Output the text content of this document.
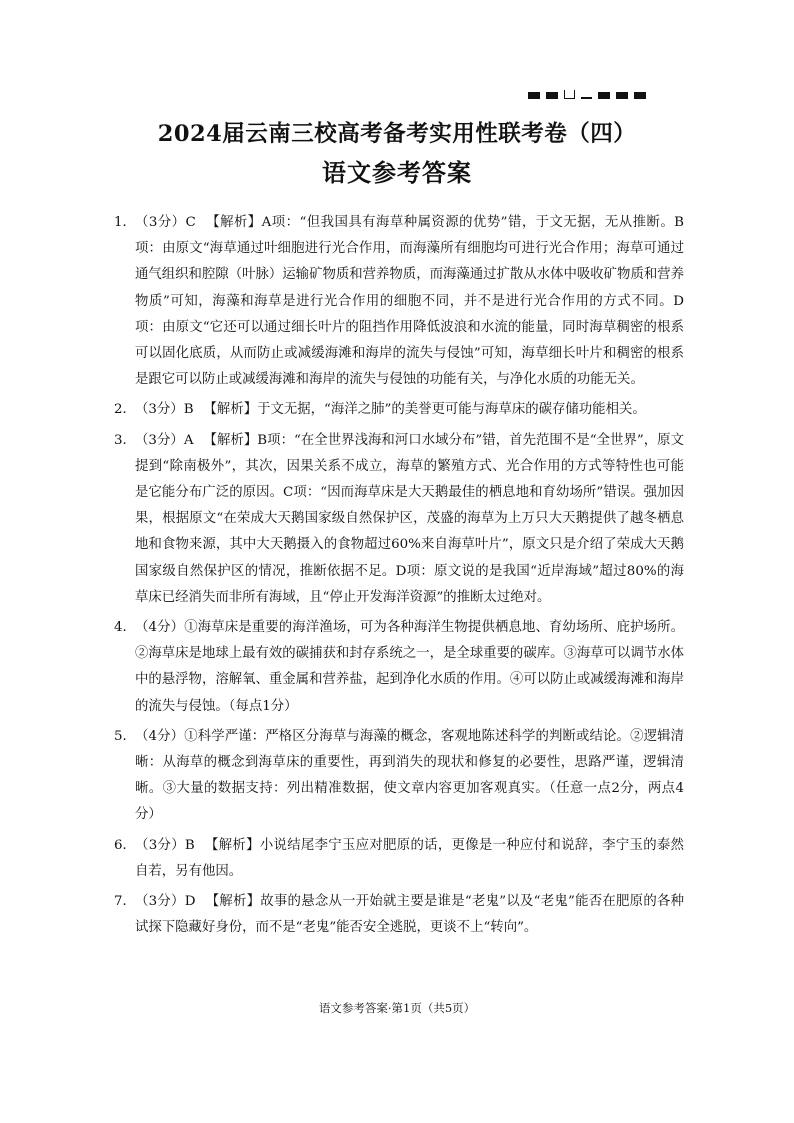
2024届云南三校高考备考实用性联考卷（四）
语文参考答案
1． （3分）C 【解析】A项：“但我国具有海草种属资源的优势”错，于文无据，无从推断。B项：由原文“海草通过叶细胞进行光合作用，而海藻所有细胞均可进行光合作用；海草可通过通气组织和腔隙（叶脉）运输矿物质和营养物质，而海藻通过扩散从水体中吸收矿物质和营养物质”可知，海藻和海草是进行光合作用的细胞不同，并不是进行光合作用的方式不同。D项：由原文“它还可以通过细长叶片的阻挡作用降低波浪和水流的能量，同时海草稠密的根系可以固化底质，从而防止或减缓海滩和海岸的流失与侵蚀”可知，海草细长叶片和稠密的根系是跟它可以防止或减缓海滩和海岸的流失与侵蚀的功能有关，与净化水质的功能无关。
2． （3分）B 【解析】于文无据，“海洋之肺”的美誉更可能与海草床的碳存储功能相关。
3． （3分）A 【解析】B项：“在全世界浅海和河口水域分布”错，首先范围不是“全世界”，原文提到“除南极外”，其次，因果关系不成立，海草的繁殖方式、光合作用的方式等特性也可能是它能分布广泛的原因。C项：“因而海草床是大天鹅最佳的栖息地和育幼场所”错误。强加因果，根据原文“在荣成大天鹅国家级自然保护区，茂盛的海草为上万只大天鹅提供了越冬栖息地和食物来源，其中大天鹅摄入的食物超过60%来自海草叶片”，原文只是介绍了荣成大天鹅国家级自然保护区的情况，推断依据不足。D项：原文说的是我国“近岸海域”超过80%的海草床已经消失而非所有海域，且“停止开发海洋资源”的推断太过绝对。
4． （4分）①海草床是重要的海洋渔场，可为各种海洋生物提供栖息地、育幼场所、庇护场所。②海草床是地球上最有效的碳捕获和封存系统之一，是全球重要的碳库。③海草可以调节水体中的悬浮物，溶解氧、重金属和营养盐，起到净化水质的作用。④可以防止或减缓海滩和海岸的流失与侵蚀。（每点1分）
5． （4分）①科学严谨：严格区分海草与海藻的概念，客观地陈述科学的判断或结论。②逻辑清晰：从海草的概念到海草床的重要性，再到消失的现状和修复的必要性，思路严谨，逻辑清晰。③大量的数据支持：列出精准数据，使文章内容更加客观真实。（任意一点2分，两点4分）
6． （3分）B 【解析】小说结尾李宁玉应对肥原的话，更像是一种应付和说辞，李宁玉的泰然自若，另有他因。
7． （3分）D 【解析】故事的悬念从一开始就主要是谁是“老鬼”以及“老鬼”能否在肥原的各种试探下隐藏好身份，而不是“老鬼”能否安全逃脱，更谈不上“转向”。
语文参考答案·第1页（共5页）
